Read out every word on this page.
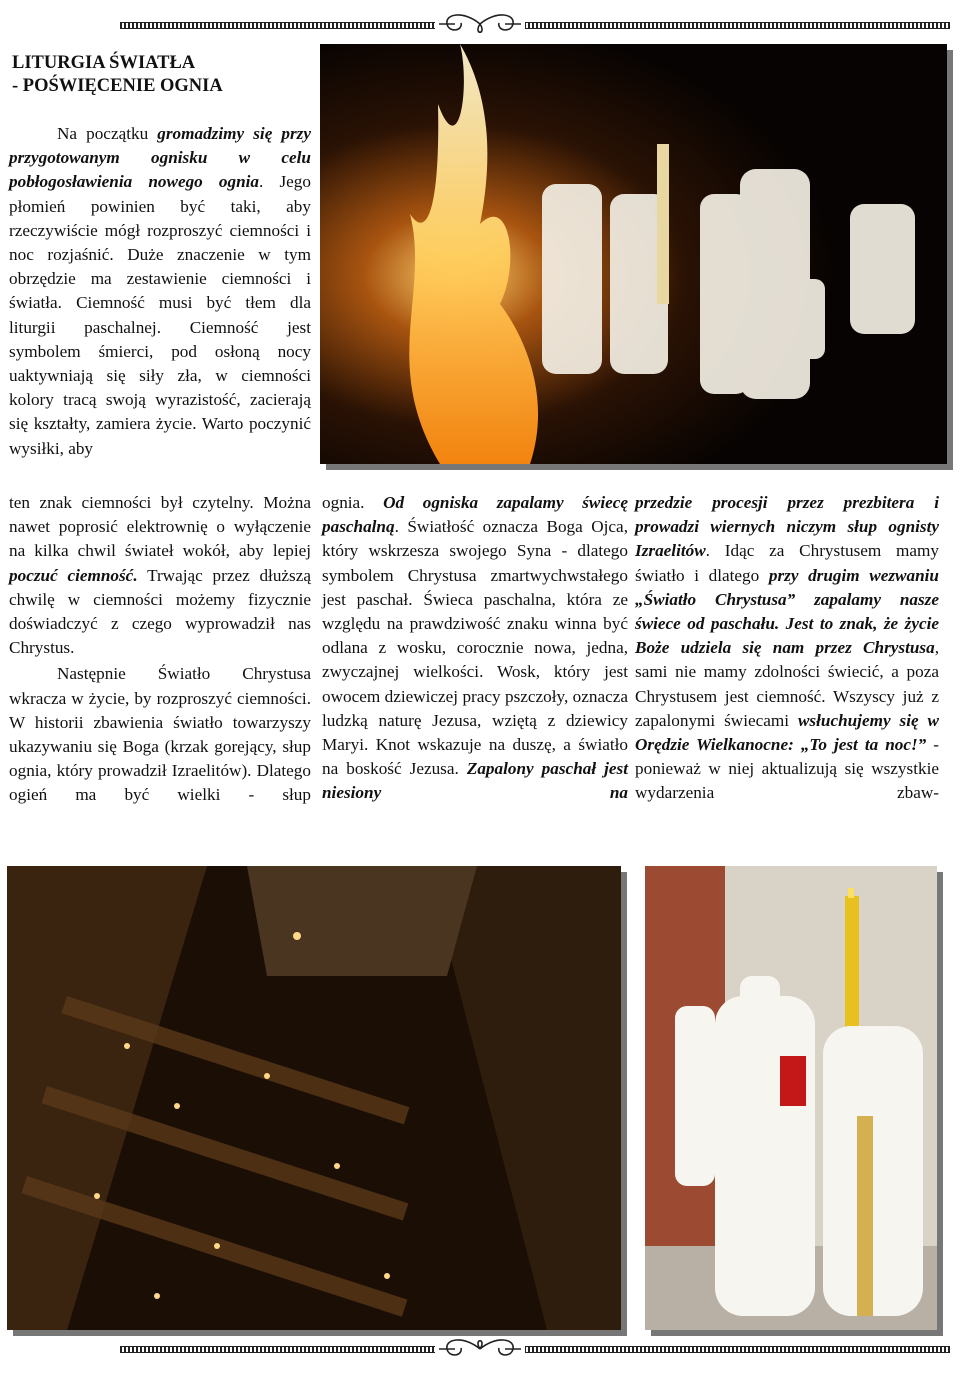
LITURGIA ŚWIATŁA
- POŚWIĘCENIE OGNIA

Na początku gromadzimy się przy przygotowanym ognisku w celu pobłogosławienia nowego ognia. Jego płomień powinien być taki, aby rzeczywiście mógł rozproszyć ciemności i noc rozjaśnić. Duże znaczenie w tym obrzędzie ma zestawienie ciemności i światła. Ciemność musi być tłem dla liturgii paschalnej. Ciemność jest symbolem śmierci, pod osłoną nocy uaktywniają się siły zła, w ciemności kolory tracą swoją wyrazistość, zacierają się kształty, zamiera życie. Warto poczynić wysiłki, aby

ten znak ciemności był czytelny. Można nawet poprosić elektrownię o wyłączenie na kilka chwil świateł wokół, aby lepiej poczuć ciemność. Trwając przez dłuższą chwilę w ciemności możemy fizycznie doświadczyć z czego wyprowadził nas Chrystus.

Następnie Światło Chrystusa wkracza w życie, by rozproszyć ciemności. W historii zbawienia światło towarzyszy ukazywaniu się Boga (krzak gorejący, słup ognia, który prowadził Izraelitów). Dlatego ogień ma być wielki - słup

ognia. Od ogniska zapalamy świecę paschalną. Światłość oznacza Boga Ojca, który wskrzesza swojego Syna - dlatego symbolem Chrystusa zmartwychwstałego jest paschał. Świeca paschalna, która ze względu na prawdziwość znaku winna być odlana z wosku, corocznie nowa, jedna, zwyczajnej wielkości. Wosk, który jest owocem dziewiczej pracy pszczoły, oznacza ludzką naturę Jezusa, wziętą z dziewicy Maryi. Knot wskazuje na duszę, a światło na boskość Jezusa. Zapalony paschał jest niesiony na

przedzie procesji przez prezbitera i prowadzi wiernych niczym słup ognisty Izraelitów. Idąc za Chrystusem mamy światło i dlatego przy drugim wezwaniu „Światło Chrystusa” zapalamy nasze świece od paschału. Jest to znak, że życie Boże udziela się nam przez Chrystusa, sami nie mamy zdolności świecić, a poza Chrystusem jest ciemność. Wszyscy już z zapalonymi świecami wsłuchujemy się w Orędzie Wielkanocne: „To jest ta noc!” - ponieważ w niej aktualizują się wszystkie wydarzenia zbaw-
